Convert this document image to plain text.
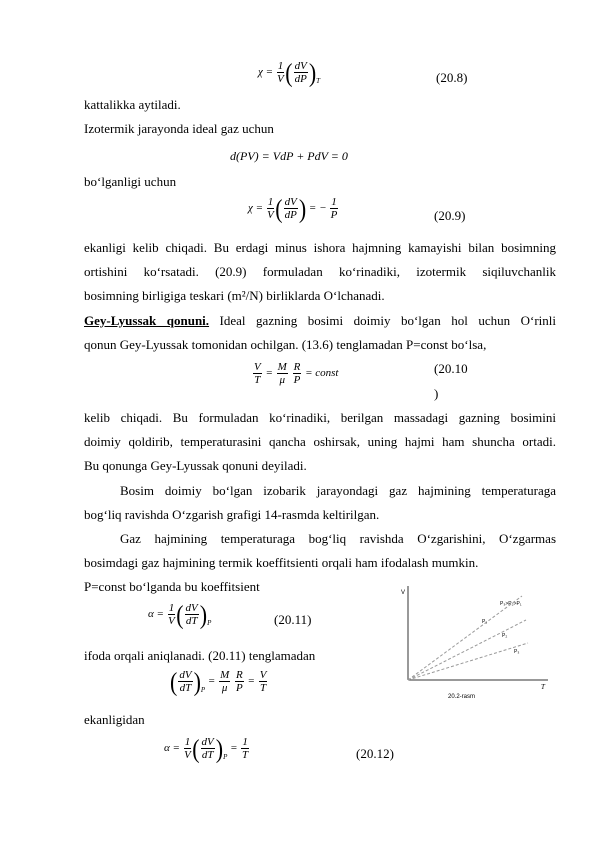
$\chi = \frac{1}{V}$ ( $\frac{dV}{dP} )_T$	(20.8)
kattalikka aytiladi.
Izotermik jarayonda ideal gaz uchun
d(PV) = VdP + PdV = 0
bo‘lganligi uchun
$\chi = \frac{1}{V}$ ( $\frac{dV}{dP}$ ) = − $\frac{1}{P}$	(20.9)
ekanligi kelib chiqadi. Bu erdagi minus ishora hajmning kamayishi bilan bosimning
ortishini ko‘rsatadi. (20.9) formuladan ko‘rinadiki, izotermik siqiluvchanlik
bosimning birligiga teskari (m²/N) birliklarda O‘lchanadi.
Gey-Lyussak qonuni. Ideal gazning bosimi doimiy bo‘lgan hol uchun O‘rinli
qonun Gey-Lyussak tomonidan ochilgan. (13.6) tenglamadan P=const bo‘lsa,
$\frac{V}{T} = \frac{M}{\mu}$
$\frac{R}{P}$ = const	(20.10
)
kelib chiqadi. Bu formuladan ko‘rinadiki, berilgan massadagi gazning bosimini
doimiy qoldirib, temperaturasini qancha oshirsak, uning hajmi ham shuncha ortadi.
Bu qonunga Gey-Lyussak qonuni deyiladi.
Bosim doimiy bo‘lgan izobarik jarayondagi gaz hajmining temperaturaga
bog‘liq ravishda O‘zgarish grafigi 14-rasmda keltirilgan.
Gaz hajmining temperaturaga bog‘liq ravishda O‘zgarishini, O‘zgarmas
bosimdagi gaz hajmining termik koeffitsienti orqali ham ifodalash mumkin.
P=const bo‘lganda bu koeffitsient
$\alpha = \frac{1}{V}$ ( $\frac{dV}{dT} )_P$	(20.11)
ifoda orqali aniqlanadi. (20.11) tenglamadan
( $\frac{dV}{dT} )_P = \frac{M}{\mu}$
$\frac{R}{P} = \frac{V}{T}$
ekanligidan
$\alpha = \frac{1}{V}$ ( $\frac{dV}{dT} )_P = \frac{1}{T}$	(20.12)
V
T
P₃>P₂>P₁
P₁
P₂
P₃
20.2-rasm
